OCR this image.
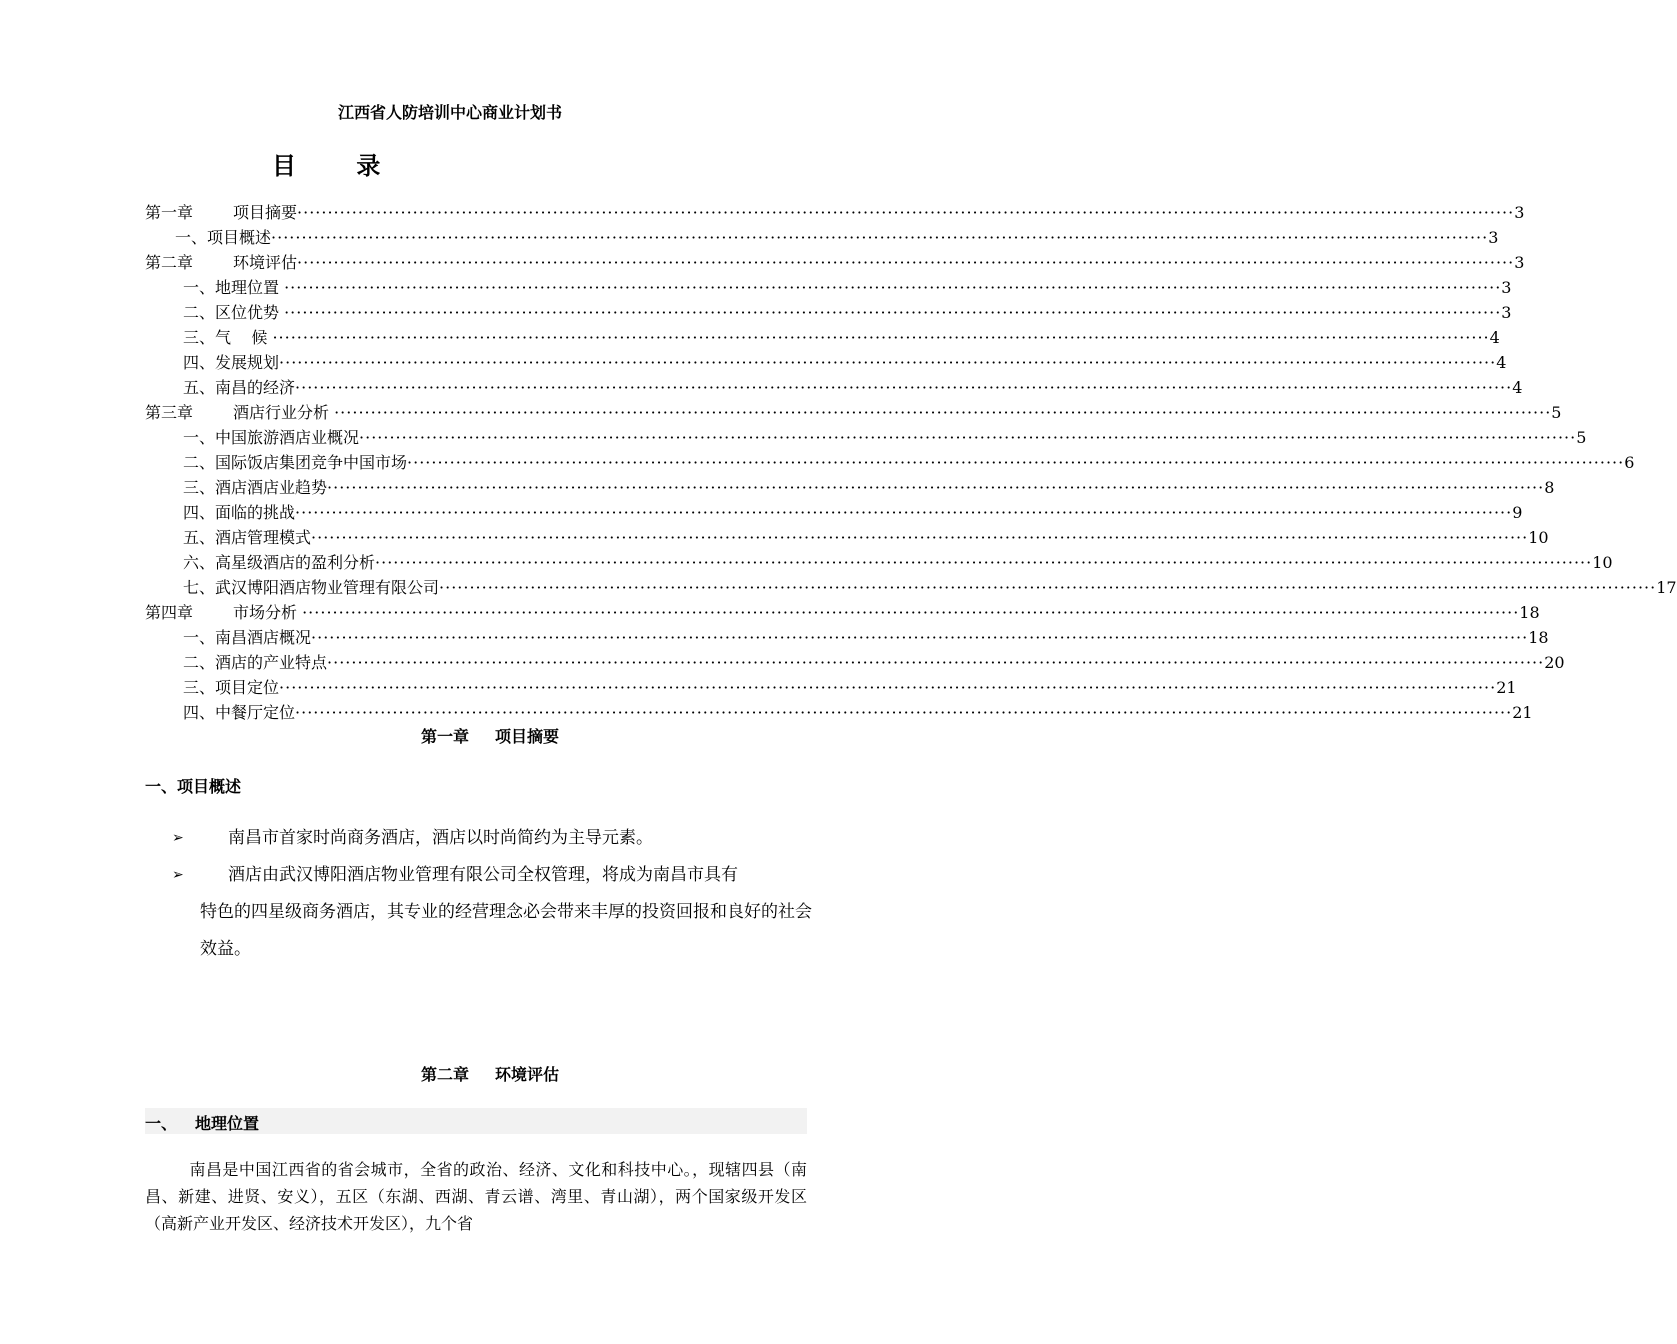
江西省人防培训中心商业计划书
目 录
第一章 项目摘要 ········································································································································································································ 3
一、项目概述 ········································································································································································································ 3
第二章 环境评估 ········································································································································································································ 3
一、地理位置 ········································································································································································································ 3
二、区位优势 ········································································································································································································ 3
三、气    候 ········································································································································································································ 4
四、发展规划 ········································································································································································································ 4
五、南昌的经济 ········································································································································································································ 4
第三章 酒店行业分析 ········································································································································································································ 5
一、中国旅游酒店业概况 ········································································································································································································ 5
二、国际饭店集团竞争中国市场 ········································································································································································································ 6
三、酒店酒店业趋势 ········································································································································································································ 8
四、面临的挑战 ········································································································································································································ 9
五、酒店管理模式 ········································································································································································································ 10
六、高星级酒店的盈利分析 ········································································································································································································ 10
七、武汉博阳酒店物业管理有限公司 ········································································································································································································ 17
第四章 市场分析 ········································································································································································································ 18
一、南昌酒店概况 ········································································································································································································ 18
二、酒店的产业特点 ········································································································································································································ 20
三、项目定位 ········································································································································································································ 21
四、中餐厅定位 ········································································································································································································ 21
第一章 项目摘要
一、项目概述
➢	南昌市首家时尚商务酒店，酒店以时尚简约为主导元素。
➢	酒店由武汉博阳酒店物业管理有限公司全权管理，将成为南昌市具有
特色的四星级商务酒店，其专业的经营理念必会带来丰厚的投资回报和良好的社会效益。
第二章 环境评估
一、 地理位置
南昌是中国江西省的省会城市，全省的政治、经济、文化和科技中心。，现辖四县（南昌、新建、进贤、安义），五区（东湖、西湖、青云谱、湾里、青山湖），两个国家级开发区（高新产业开发区、经济技术开发区），九个省
